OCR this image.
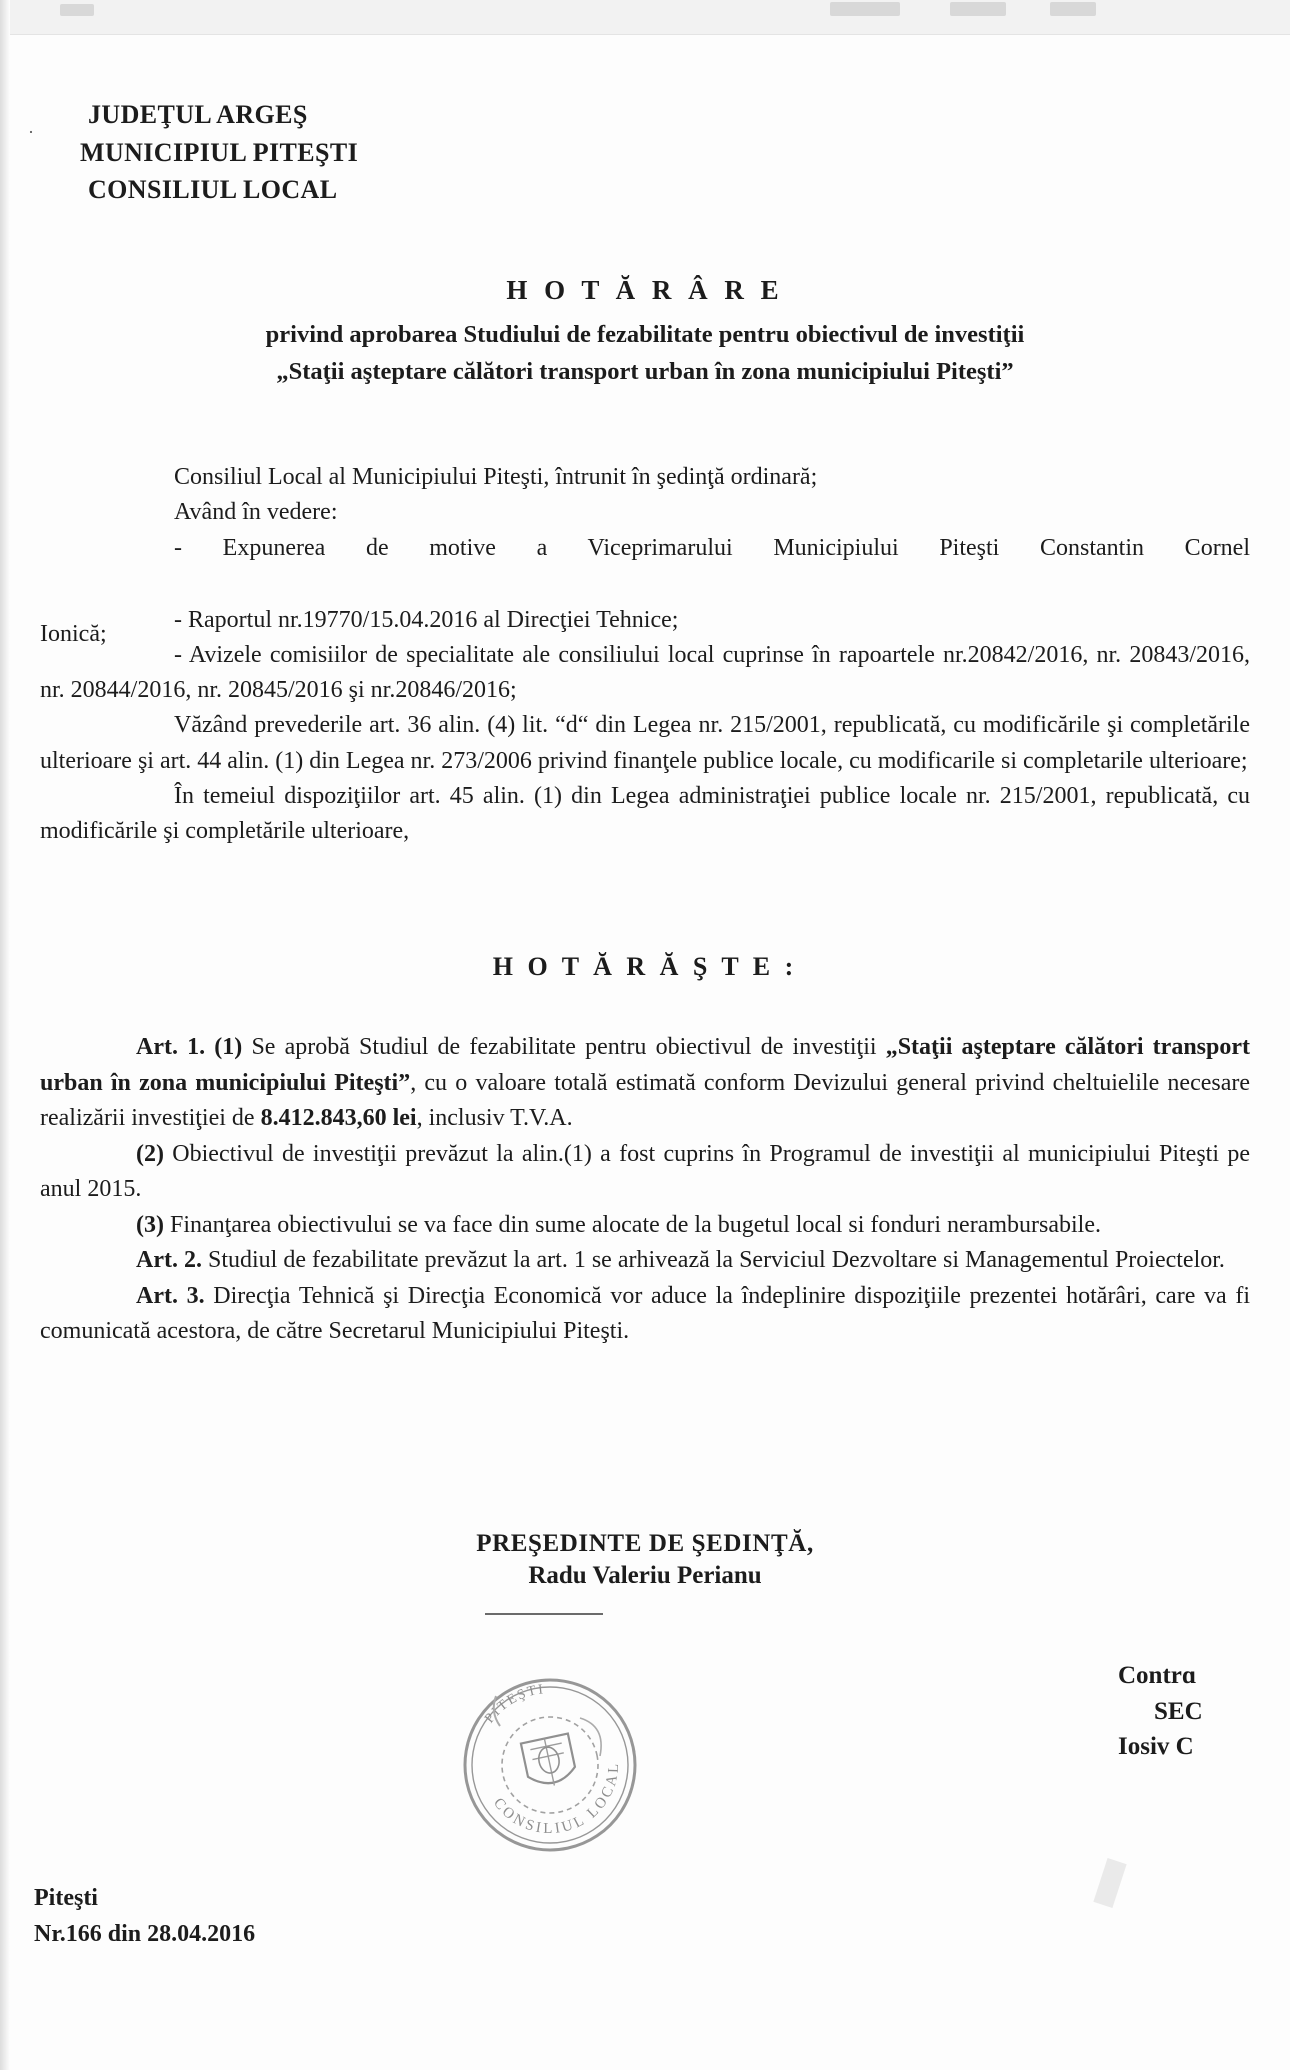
·
JUDEŢUL ARGEŞ
MUNICIPIUL PITEŞTI
CONSILIUL LOCAL
H O T Ă R Â R E
privind aprobarea Studiului de fezabilitate pentru obiectivul de investiţii
„Staţii aşteptare călători transport urban în zona municipiului Piteşti”

Consiliul Local al Municipiului Piteşti, întrunit în şedinţă ordinară;

Având în vedere:

- Expunerea de motive a Viceprimarului Municipiului Piteşti Constantin Cornel

Ionică;

- Raportul nr.19770/15.04.2016 al Direcţiei Tehnice;

- Avizele comisiilor de specialitate ale consiliului local cuprinse în rapoartele nr.20842/2016, nr. 20843/2016, nr. 20844/2016, nr. 20845/2016 şi nr.20846/2016;

Văzând prevederile art. 36 alin. (4) lit. “d“ din Legea nr. 215/2001, republicată, cu modificările şi completările ulterioare şi art. 44 alin. (1) din Legea nr. 273/2006 privind finanţele publice locale, cu modificarile si completarile ulterioare;

În temeiul dispoziţiilor art. 45 alin. (1) din Legea administraţiei publice locale nr. 215/2001, republicată, cu modificările şi completările ulterioare,

H O T Ă R Ă Ş T E :

Art. 1. (1) Se aprobă Studiul de fezabilitate pentru obiectivul de investiţii „Staţii aşteptare călători transport urban în zona municipiului Piteşti”, cu o valoare totală estimată conform Devizului general privind cheltuielile necesare realizării investiţiei de 8.412.843,60 lei, inclusiv T.V.A.

(2) Obiectivul de investiţii prevăzut la alin.(1) a fost cuprins în Programul de investiţii al municipiului Piteşti pe anul 2015.

(3) Finanţarea obiectivului se va face din sume alocate de la bugetul local si fonduri nerambursabile.

Art. 2. Studiul de fezabilitate prevăzut la art. 1 se arhivează la Serviciul Dezvoltare si Managementul Proiectelor.

Art. 3. Direcţia Tehnică şi Direcţia Economică vor aduce la îndeplinire dispoziţiile prezentei hotărâri, care va fi comunicată acestora, de către Secretarul Municipiului Piteşti.

PREŞEDINTE DE ŞEDINŢĂ,
Radu Valeriu Perianu
Contrɑ
SEC
Iosiv C
CONSILIUL LOCAL
PITEŞTI
Piteşti
Nr.166 din 28.04.2016
